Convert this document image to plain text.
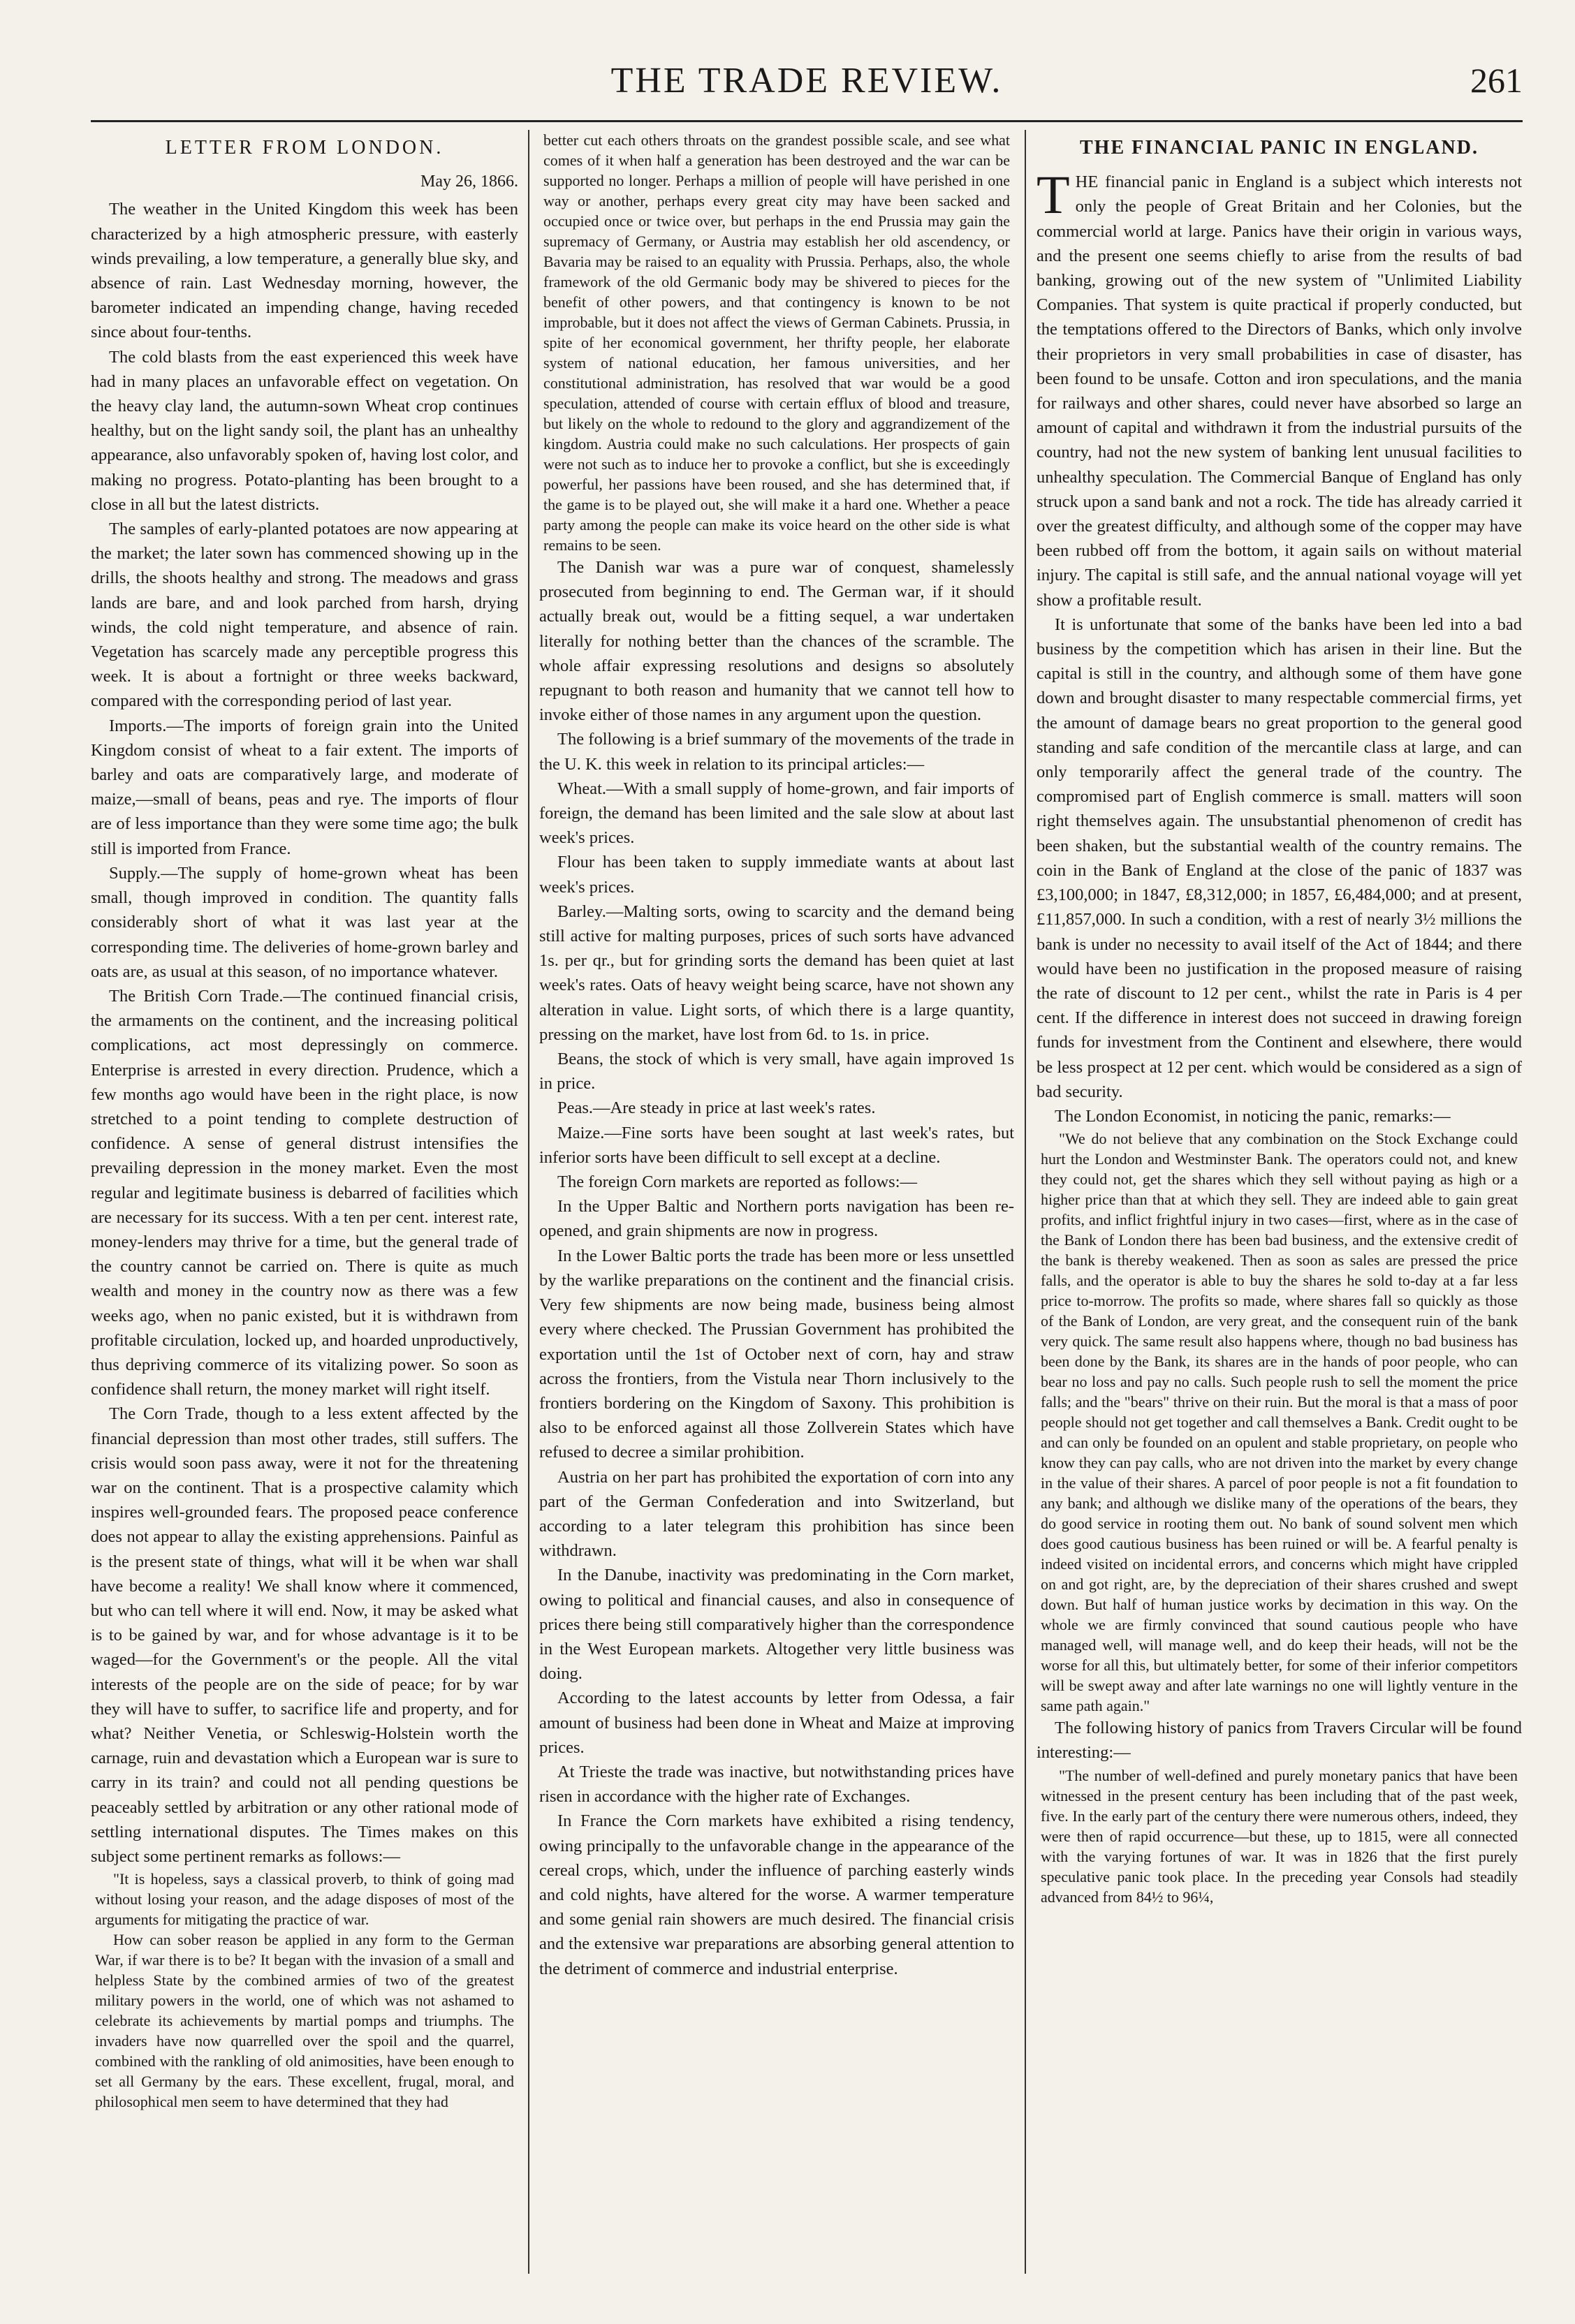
THE TRADE REVIEW.	261
LETTER FROM LONDON.
May 26, 1866.

The weather in the United Kingdom this week has been characterized by a high atmospheric pressure, with easterly winds prevailing, a low temperature, a generally blue sky, and absence of rain. Last Wednesday morning, however, the barometer indicated an impending change, having receded since about four-tenths.

The cold blasts from the east experienced this week have had in many places an unfavorable effect on vegetation. On the heavy clay land, the autumn-sown Wheat crop continues healthy, but on the light sandy soil, the plant has an unhealthy appearance, also unfavorably spoken of, having lost color, and making no progress. Potato-planting has been brought to a close in all but the latest districts.

The samples of early-planted potatoes are now appearing at the market; the later sown has commenced showing up in the drills, the shoots healthy and strong. The meadows and grass lands are bare, and and look parched from harsh, drying winds, the cold night temperature, and absence of rain. Vegetation has scarcely made any perceptible progress this week. It is about a fortnight or three weeks backward, compared with the corresponding period of last year.

Imports.—The imports of foreign grain into the United Kingdom consist of wheat to a fair extent. The imports of barley and oats are comparatively large, and moderate of maize,—small of beans, peas and rye. The imports of flour are of less importance than they were some time ago; the bulk still is imported from France.

Supply.—The supply of home-grown wheat has been small, though improved in condition. The quantity falls considerably short of what it was last year at the corresponding time. The deliveries of home-grown barley and oats are, as usual at this season, of no importance whatever.

The British Corn Trade.—The continued financial crisis, the armaments on the continent, and the increasing political complications, act most depressingly on commerce. Enterprise is arrested in every direction. Prudence, which a few months ago would have been in the right place, is now stretched to a point tending to complete destruction of confidence. A sense of general distrust intensifies the prevailing depression in the money market. Even the most regular and legitimate business is debarred of facilities which are necessary for its success. With a ten per cent. interest rate, money-lenders may thrive for a time, but the general trade of the country cannot be carried on. There is quite as much wealth and money in the country now as there was a few weeks ago, when no panic existed, but it is withdrawn from profitable circulation, locked up, and hoarded unproductively, thus depriving commerce of its vitalizing power. So soon as confidence shall return, the money market will right itself.

The Corn Trade, though to a less extent affected by the financial depression than most other trades, still suffers. The crisis would soon pass away, were it not for the threatening war on the continent. That is a prospective calamity which inspires well-grounded fears. The proposed peace conference does not appear to allay the existing apprehensions. Painful as is the present state of things, what will it be when war shall have become a reality! We shall know where it commenced, but who can tell where it will end. Now, it may be asked what is to be gained by war, and for whose advantage is it to be waged—for the Government's or the people. All the vital interests of the people are on the side of peace; for by war they will have to suffer, to sacrifice life and property, and for what? Neither Venetia, or Schleswig-Holstein worth the carnage, ruin and devastation which a European war is sure to carry in its train? and could not all pending questions be peaceably settled by arbitration or any other rational mode of settling international disputes. The Times makes on this subject some pertinent remarks as follows:—

"It is hopeless, says a classical proverb, to think of going mad without losing your reason, and the adage disposes of most of the arguments for mitigating the practice of war.

How can sober reason be applied in any form to the German War, if war there is to be? It began with the invasion of a small and helpless State by the combined armies of two of the greatest military powers in the world, one of which was not ashamed to celebrate its achievements by martial pomps and triumphs. The invaders have now quarrelled over the spoil and the quarrel, combined with the rankling of old animosities, have been enough to set all Germany by the ears. These excellent, frugal, moral, and philosophical men seem to have determined that they had

better cut each others throats on the grandest possible scale, and see what comes of it when half a generation has been destroyed and the war can be supported no longer. Perhaps a million of people will have perished in one way or another, perhaps every great city may have been sacked and occupied once or twice over, but perhaps in the end Prussia may gain the supremacy of Germany, or Austria may establish her old ascendency, or Bavaria may be raised to an equality with Prussia. Perhaps, also, the whole framework of the old Germanic body may be shivered to pieces for the benefit of other powers, and that contingency is known to be not improbable, but it does not affect the views of German Cabinets. Prussia, in spite of her economical government, her thrifty people, her elaborate system of national education, her famous universities, and her constitutional administration, has resolved that war would be a good speculation, attended of course with certain efflux of blood and treasure, but likely on the whole to redound to the glory and aggrandizement of the kingdom. Austria could make no such calculations. Her prospects of gain were not such as to induce her to provoke a conflict, but she is exceedingly powerful, her passions have been roused, and she has determined that, if the game is to be played out, she will make it a hard one. Whether a peace party among the people can make its voice heard on the other side is what remains to be seen.

The Danish war was a pure war of conquest, shamelessly prosecuted from beginning to end. The German war, if it should actually break out, would be a fitting sequel, a war undertaken literally for nothing better than the chances of the scramble. The whole affair expressing resolutions and designs so absolutely repugnant to both reason and humanity that we cannot tell how to invoke either of those names in any argument upon the question.

The following is a brief summary of the movements of the trade in the U. K. this week in relation to its principal articles:—

Wheat.—With a small supply of home-grown, and fair imports of foreign, the demand has been limited and the sale slow at about last week's prices.

Flour has been taken to supply immediate wants at about last week's prices.

Barley.—Malting sorts, owing to scarcity and the demand being still active for malting purposes, prices of such sorts have advanced 1s. per qr., but for grinding sorts the demand has been quiet at last week's rates. Oats of heavy weight being scarce, have not shown any alteration in value. Light sorts, of which there is a large quantity, pressing on the market, have lost from 6d. to 1s. in price.

Beans, the stock of which is very small, have again improved 1s in price.

Peas.—Are steady in price at last week's rates.

Maize.—Fine sorts have been sought at last week's rates, but inferior sorts have been difficult to sell except at a decline.

The foreign Corn markets are reported as follows:—

In the Upper Baltic and Northern ports navigation has been re-opened, and grain shipments are now in progress.

In the Lower Baltic ports the trade has been more or less unsettled by the warlike preparations on the continent and the financial crisis. Very few shipments are now being made, business being almost every where checked. The Prussian Government has prohibited the exportation until the 1st of October next of corn, hay and straw across the frontiers, from the Vistula near Thorn inclusively to the frontiers bordering on the Kingdom of Saxony. This prohibition is also to be enforced against all those Zollverein States which have refused to decree a similar prohibition.

Austria on her part has prohibited the exportation of corn into any part of the German Confederation and into Switzerland, but according to a later telegram this prohibition has since been withdrawn.

In the Danube, inactivity was predominating in the Corn market, owing to political and financial causes, and also in consequence of prices there being still comparatively higher than the correspondence in the West European markets. Altogether very little business was doing.

According to the latest accounts by letter from Odessa, a fair amount of business had been done in Wheat and Maize at improving prices.

At Trieste the trade was inactive, but notwithstanding prices have risen in accordance with the higher rate of Exchanges.

In France the Corn markets have exhibited a rising tendency, owing principally to the unfavorable change in the appearance of the cereal crops, which, under the influence of parching easterly winds and cold nights, have altered for the worse. A warmer temperature and some genial rain showers are much desired. The financial crisis and the extensive war preparations are absorbing general attention to the detriment of commerce and industrial enterprise.

THE FINANCIAL PANIC IN ENGLAND.

THE financial panic in England is a subject which interests not only the people of Great Britain and her Colonies, but the commercial world at large. Panics have their origin in various ways, and the present one seems chiefly to arise from the results of bad banking, growing out of the new system of "Unlimited Liability Companies. That system is quite practical if properly conducted, but the temptations offered to the Directors of Banks, which only involve their proprietors in very small probabilities in case of disaster, has been found to be unsafe. Cotton and iron speculations, and the mania for railways and other shares, could never have absorbed so large an amount of capital and withdrawn it from the industrial pursuits of the country, had not the new system of banking lent unusual facilities to unhealthy speculation. The Commercial Banque of England has only struck upon a sand bank and not a rock. The tide has already carried it over the greatest difficulty, and although some of the copper may have been rubbed off from the bottom, it again sails on without material injury. The capital is still safe, and the annual national voyage will yet show a profitable result.

It is unfortunate that some of the banks have been led into a bad business by the competition which has arisen in their line. But the capital is still in the country, and although some of them have gone down and brought disaster to many respectable commercial firms, yet the amount of damage bears no great proportion to the general good standing and safe condition of the mercantile class at large, and can only temporarily affect the general trade of the country. The compromised part of English commerce is small. matters will soon right themselves again. The unsubstantial phenomenon of credit has been shaken, but the substantial wealth of the country remains. The coin in the Bank of England at the close of the panic of 1837 was £3,100,000; in 1847, £8,312,000; in 1857, £6,484,000; and at present, £11,857,000. In such a condition, with a rest of nearly 3½ millions the bank is under no necessity to avail itself of the Act of 1844; and there would have been no justification in the proposed measure of raising the rate of discount to 12 per cent., whilst the rate in Paris is 4 per cent. If the difference in interest does not succeed in drawing foreign funds for investment from the Continent and elsewhere, there would be less prospect at 12 per cent. which would be considered as a sign of bad security.

The London Economist, in noticing the panic, remarks:—

"We do not believe that any combination on the Stock Exchange could hurt the London and Westminster Bank. The operators could not, and knew they could not, get the shares which they sell without paying as high or a higher price than that at which they sell. They are indeed able to gain great profits, and inflict frightful injury in two cases—first, where as in the case of the Bank of London there has been bad business, and the extensive credit of the bank is thereby weakened. Then as soon as sales are pressed the price falls, and the operator is able to buy the shares he sold to-day at a far less price to-morrow. The profits so made, where shares fall so quickly as those of the Bank of London, are very great, and the consequent ruin of the bank very quick. The same result also happens where, though no bad business has been done by the Bank, its shares are in the hands of poor people, who can bear no loss and pay no calls. Such people rush to sell the moment the price falls; and the "bears" thrive on their ruin. But the moral is that a mass of poor people should not get together and call themselves a Bank. Credit ought to be and can only be founded on an opulent and stable proprietary, on people who know they can pay calls, who are not driven into the market by every change in the value of their shares. A parcel of poor people is not a fit foundation to any bank; and although we dislike many of the operations of the bears, they do good service in rooting them out. No bank of sound solvent men which does good cautious business has been ruined or will be. A fearful penalty is indeed visited on incidental errors, and concerns which might have crippled on and got right, are, by the depreciation of their shares crushed and swept down. But half of human justice works by decimation in this way. On the whole we are firmly convinced that sound cautious people who have managed well, will manage well, and do keep their heads, will not be the worse for all this, but ultimately better, for some of their inferior competitors will be swept away and after late warnings no one will lightly venture in the same path again."

The following history of panics from Travers Circular will be found interesting:—

"The number of well-defined and purely monetary panics that have been witnessed in the present century has been including that of the past week, five. In the early part of the century there were numerous others, indeed, they were then of rapid occurrence—but these, up to 1815, were all connected with the varying fortunes of war. It was in 1826 that the first purely speculative panic took place. In the preceding year Consols had steadily advanced from 84½ to 96¼,
